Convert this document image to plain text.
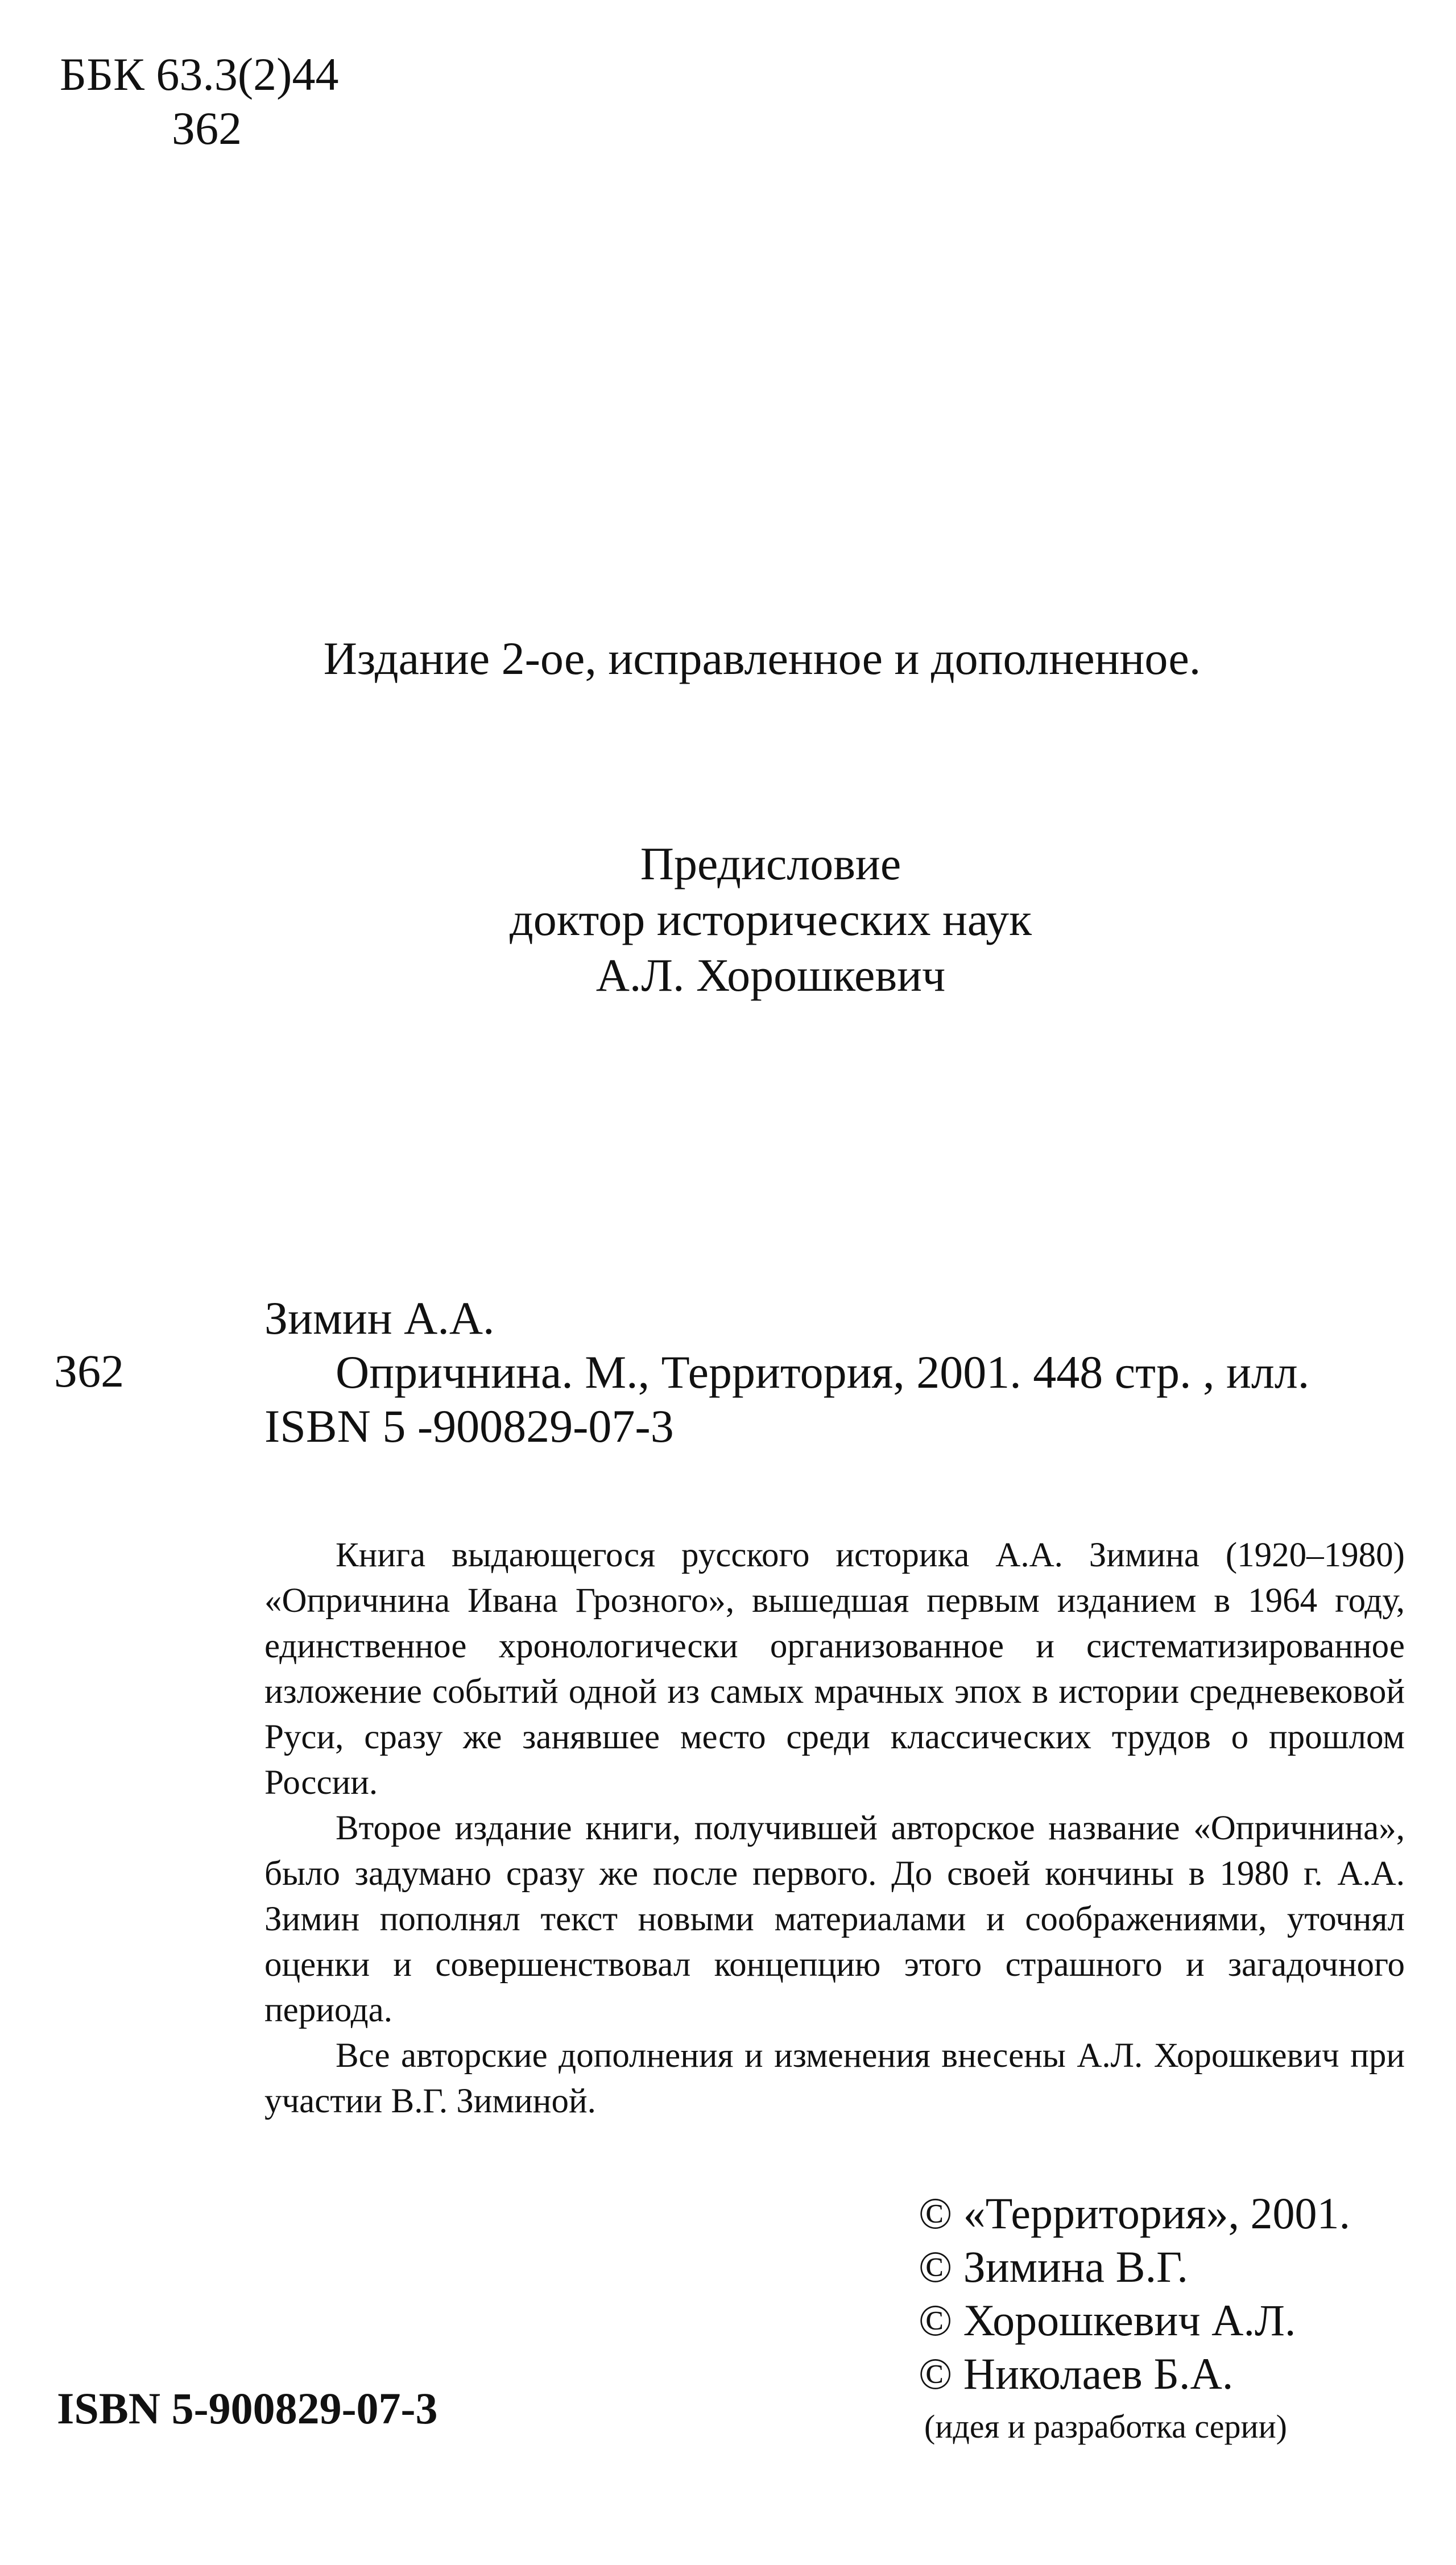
ББК 63.3(2)44
З62
Издание 2-ое, исправленное и дополненное.
Предисловие
доктор исторических наук
А.Л. Хорошкевич
З62
Зимин А.А.
Опричнина. М., Территория, 2001. 448 стр. , илл.
ISBN 5 -900829-07-3

Книга выдающегося русского историка А.А. Зимина (1920–1980) «Опричнина Ивана Грозного», вышедшая первым изданием в 1964 году, единственное хронологически организованное и систематизированное изложение событий одной из самых мрачных эпох в истории средневековой Руси, сразу же занявшее место среди классических трудов о прошлом России.

Второе издание книги, получившей авторское название «Опричнина», было задумано сразу же после первого. До своей кончины в 1980 г. А.А. Зимин пополнял текст новыми материалами и соображениями, уточнял оценки и совершенствовал концепцию этого страшного и загадочного периода.

Все авторские дополнения и изменения внесены А.Л. Хорошкевич при участии В.Г. Зиминой.

© «Территория», 2001.
© Зимина В.Г.
© Хорошкевич А.Л.
© Николаев Б.А.
(идея и разработка серии)
ISBN 5-900829-07-3
